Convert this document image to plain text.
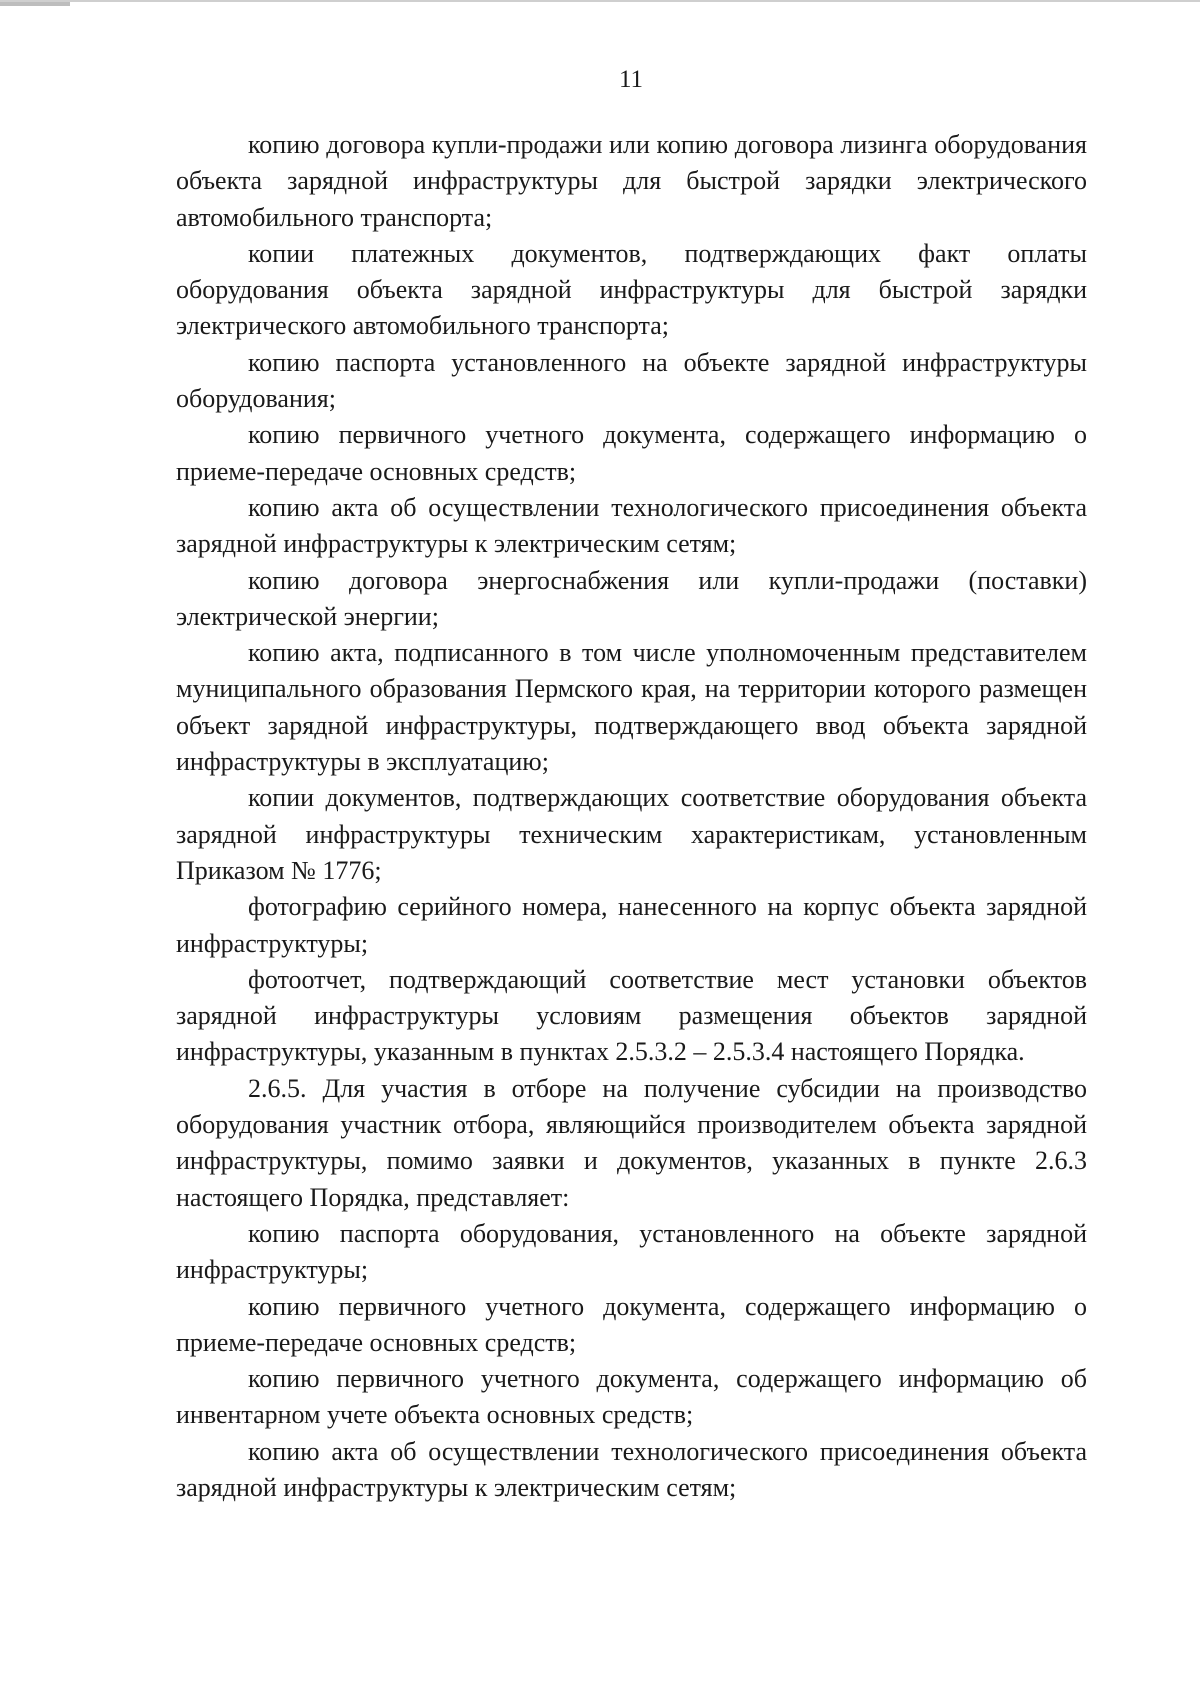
11

копию договора купли-продажи или копию договора лизинга оборудования объекта зарядной инфраструктуры для быстрой зарядки электрического автомобильного транспорта;

копии платежных документов, подтверждающих факт оплаты оборудования объекта зарядной инфраструктуры для быстрой зарядки электрического автомобильного транспорта;

копию паспорта установленного на объекте зарядной инфраструктуры оборудования;

копию первичного учетного документа, содержащего информацию о приеме-передаче основных средств;

копию акта об осуществлении технологического присоединения объекта зарядной инфраструктуры к электрическим сетям;

копию договора энергоснабжения или купли-продажи (поставки) электрической энергии;

копию акта, подписанного в том числе уполномоченным представителем муниципального образования Пермского края, на территории которого размещен объект зарядной инфраструктуры, подтверждающего ввод объекта зарядной инфраструктуры в эксплуатацию;

копии документов, подтверждающих соответствие оборудования объекта зарядной инфраструктуры техническим характеристикам, установленным Приказом № 1776;

фотографию серийного номера, нанесенного на корпус объекта зарядной инфраструктуры;

фотоотчет, подтверждающий соответствие мест установки объектов зарядной инфраструктуры условиям размещения объектов зарядной инфраструктуры, указанным в пунктах 2.5.3.2 – 2.5.3.4 настоящего Порядка.

2.6.5. Для участия в отборе на получение субсидии на производство оборудования участник отбора, являющийся производителем объекта зарядной инфраструктуры, помимо заявки и документов, указанных в пункте 2.6.3 настоящего Порядка, представляет:

копию паспорта оборудования, установленного на объекте зарядной инфраструктуры;

копию первичного учетного документа, содержащего информацию о приеме-передаче основных средств;

копию первичного учетного документа, содержащего информацию об инвентарном учете объекта основных средств;

копию акта об осуществлении технологического присоединения объекта зарядной инфраструктуры к электрическим сетям;
